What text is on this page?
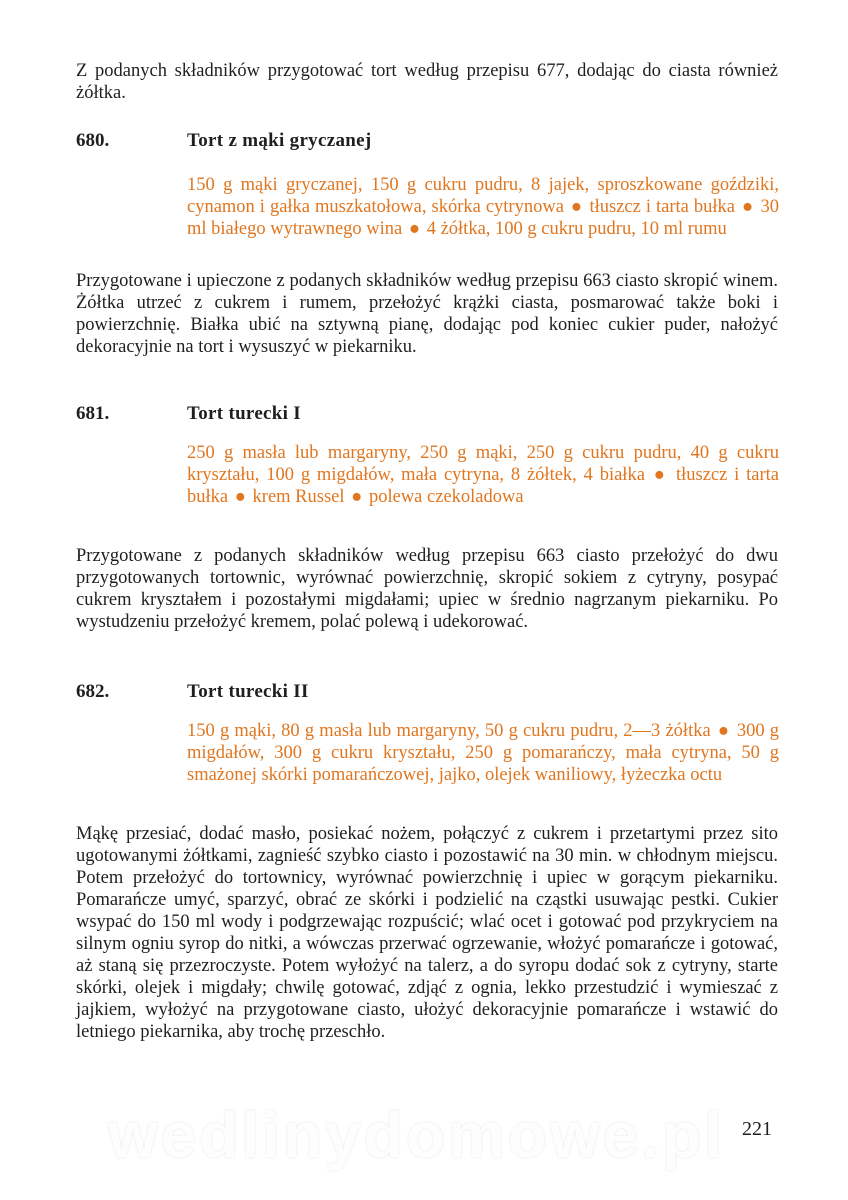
Z podanych składników przygotować tort według przepisu 677, dodając do ciasta również żółtka.

680.	Tort z mąki gryczanej

150 g mąki gryczanej, 150 g cukru pudru, 8 jajek, sproszkowane goździki, cynamon i gałka muszkatołowa, skórka cytrynowa ● tłuszcz i tarta bułka ● 30 ml białego wytrawnego wina ● 4 żółtka, 100 g cukru pudru, 10 ml rumu

Przygotowane i upieczone z podanych składników według przepisu 663 ciasto skropić winem. Żółtka utrzeć z cukrem i rumem, przełożyć krążki ciasta, posmarować także boki i powierzchnię. Białka ubić na sztywną pianę, dodając pod koniec cukier puder, nałożyć dekoracyjnie na tort i wysuszyć w piekarniku.

681.	Tort turecki I

250 g masła lub margaryny, 250 g mąki, 250 g cukru pudru, 40 g cukru kryształu, 100 g migdałów, mała cytryna, 8 żółtek, 4 białka ● tłuszcz i tarta bułka ● krem Russel ● polewa czekoladowa

Przygotowane z podanych składników według przepisu 663 ciasto przełożyć do dwu przygotowanych tortownic, wyrównać powierzchnię, skropić sokiem z cytryny, posypać cukrem kryształem i pozostałymi migdałami; upiec w średnio nagrzanym piekarniku. Po wystudzeniu przełożyć kremem, polać polewą i udekorować.

682.	Tort turecki II

150 g mąki, 80 g masła lub margaryny, 50 g cukru pudru, 2—3 żółtka ● 300 g migdałów, 300 g cukru kryształu, 250 g pomarańczy, mała cytryna, 50 g smażonej skórki pomarańczowej, jajko, olejek waniliowy, łyżeczka octu

Mąkę przesiać, dodać masło, posiekać nożem, połączyć z cukrem i przetartymi przez sito ugotowanymi żółtkami, zagnieść szybko ciasto i pozostawić na 30 min. w chłodnym miejscu. Potem przełożyć do tortownicy, wyrównać powierzchnię i upiec w gorącym piekarniku. Pomarańcze umyć, sparzyć, obrać ze skórki i podzielić na cząstki usuwając pestki. Cukier wsypać do 150 ml wody i podgrzewając rozpuścić; wlać ocet i gotować pod przykryciem na silnym ogniu syrop do nitki, a wówczas przerwać ogrzewanie, włożyć pomarańcze i gotować, aż staną się przezroczyste. Potem wyłożyć na talerz, a do syropu dodać sok z cytryny, starte skórki, olejek i migdały; chwilę gotować, zdjąć z ognia, lekko przestudzić i wymieszać z jajkiem, wyłożyć na przygotowane ciasto, ułożyć dekoracyjnie pomarańcze i wstawić do letniego piekarnika, aby trochę przeschło.

wedlinydomowe.pl 221
